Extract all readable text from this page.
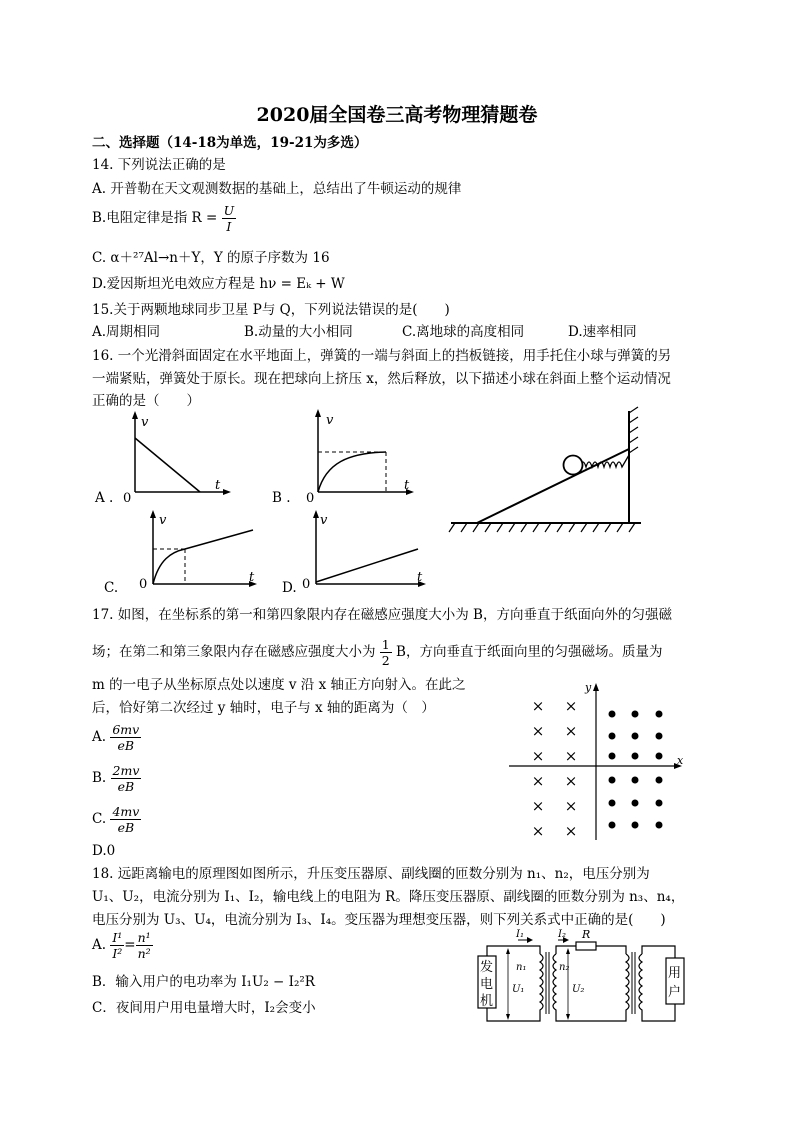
2020届全国卷三高考物理猜题卷
二、选择题（14-18为单选，19-21为多选）
14. 下列说法正确的是
A. 开普勒在天文观测数据的基础上，总结出了牛顿运动的规律
B.电阻定律是指 $R = \frac{U}{I}$
C. α＋²⁷Al→n＋Y，Y 的原子序数为 16
D.爱因斯坦光电效应方程是 hν = Eₖ + W
15.关于两颗地球同步卫星 P与 Q，下列说法错误的是(　　)
A.周期相同	B.动量的大小相同	C.离地球的高度相同	D.速率相同
16. 一个光滑斜面固定在水平地面上，弹簧的一端与斜面上的挡板链接，用手托住小球与弹簧的另
一端紧贴，弹簧处于原长。现在把球向上挤压 x，然后释放，以下描述小球在斜面上整个运动情况
正确的是（　　）
A .
v
t
0	B .
v
t
0
C.
v
t
0	D.
v
t
0
17. 如图，在坐标系的第一和第四象限内存在磁感应强度大小为 B，方向垂直于纸面向外的匀强磁
场；在第二和第三象限内存在磁感应强度大小为 $\frac{1}{2}$ B，方向垂直于纸面向里的匀强磁场。质量为
m 的一电子从坐标原点处以速度 v 沿 x 轴正方向射入。在此之
后，恰好第二次经过 y 轴时，电子与 x 轴的距离为（　）
A. $\frac{6mv}{eB}$
B. $\frac{2mv}{eB}$
C. $\frac{4mv}{eB}$
D.0
y
x
× ×
× ×
× ×
× ×
× ×
× ×
18. 远距离输电的原理图如图所示，升压变压器原、副线圈的匝数分别为 n₁、n₂，电压分别为
U₁、U₂，电流分别为 I₁、I₂，输电线上的电阻为 R。降压变压器原、副线圈的匝数分别为 n₃、n₄，
电压分别为 U₃、U₄，电流分别为 I₃、I₄。变压器为理想变压器，则下列关系式中正确的是(　　)
A. $\frac{\text{I¹}}{\text{I²}} = \frac{\text{n¹}}{\text{n²}}$
B．输入用户的电功率为 I₁U₂ − I₂²R
C．夜间用户用电量增大时，I₂会变小
发
电
机
用
户
I₁	I₂ R
n₁	n₂
U₁	U₂
